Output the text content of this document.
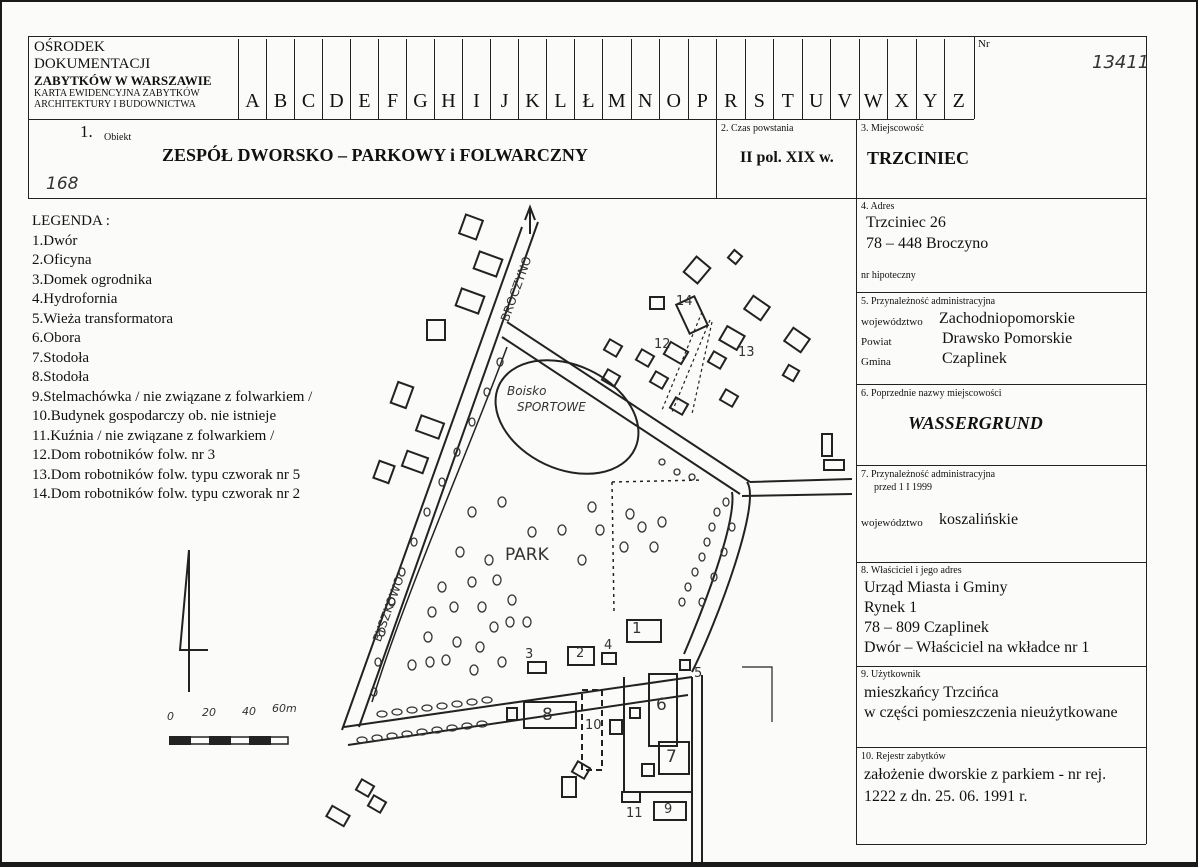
OŚRODEK
DOKUMENTACJI
ZABYTKÓW W WARSZAWIE
KARTA EWIDENCYJNA ZABYTKÓW
ARCHITEKTURY I BUDOWNICTWA	A B C D E F G H I	J K L Ł M N O P R S T U V W X Y Z
Nr
13411
1. Obiekt
ZESPÓŁ DWORSKO – PARKOWY i FOLWARCZNY
168
2. Czas powstania
II pol. XIX w.
3. Miejscowość
TRZCINIEC
4. Adres
Trzciniec 26
78 – 448 Broczyno
nr hipoteczny
5. Przynależność administracyjna
województwo Zachodniopomorskie
Powiat	Drawsko Pomorskie
Gmina	Czaplinek
6. Poprzednie nazwy miejscowości
WASSERGRUND
7. Przynależność administracyjna
przed 1 I 1999
województwo koszalińskie
8. Właściciel i jego adres
Urząd Miasta i Gminy
Rynek 1
78 – 809 Czaplinek
Dwór – Właściciel na wkładce nr 1
9. Użytkownik
mieszkańcy Trzcińca
w części pomieszczenia nieużytkowane
10. Rejestr zabytków
założenie dworskie z parkiem - nr rej.
1222 z dn. 25. 06. 1991 r.
LEGENDA :
1.Dwór
2.Oficyna
3.Domek ogrodnika
4.Hydrofornia
5.Wieża transformatora
6.Obora
7.Stodoła
8.Stodoła
9.Stelmachówka / nie związane z folwarkiem /
10.Budynek gospodarczy ob. nie istnieje
11.Kuźnia / nie związane z folwarkiem /
12.Dom robotników folw. nr 3
13.Dom robotników folw. typu czworak nr 5
14.Dom robotników folw. typu czworak nr 2
BROCZYNO
BYSZKOWO
Boisko
SPORTOWE
PARK
0	20 40 60m
1
2
3
4
5
6
7
8
9
10
11
12
13
14
